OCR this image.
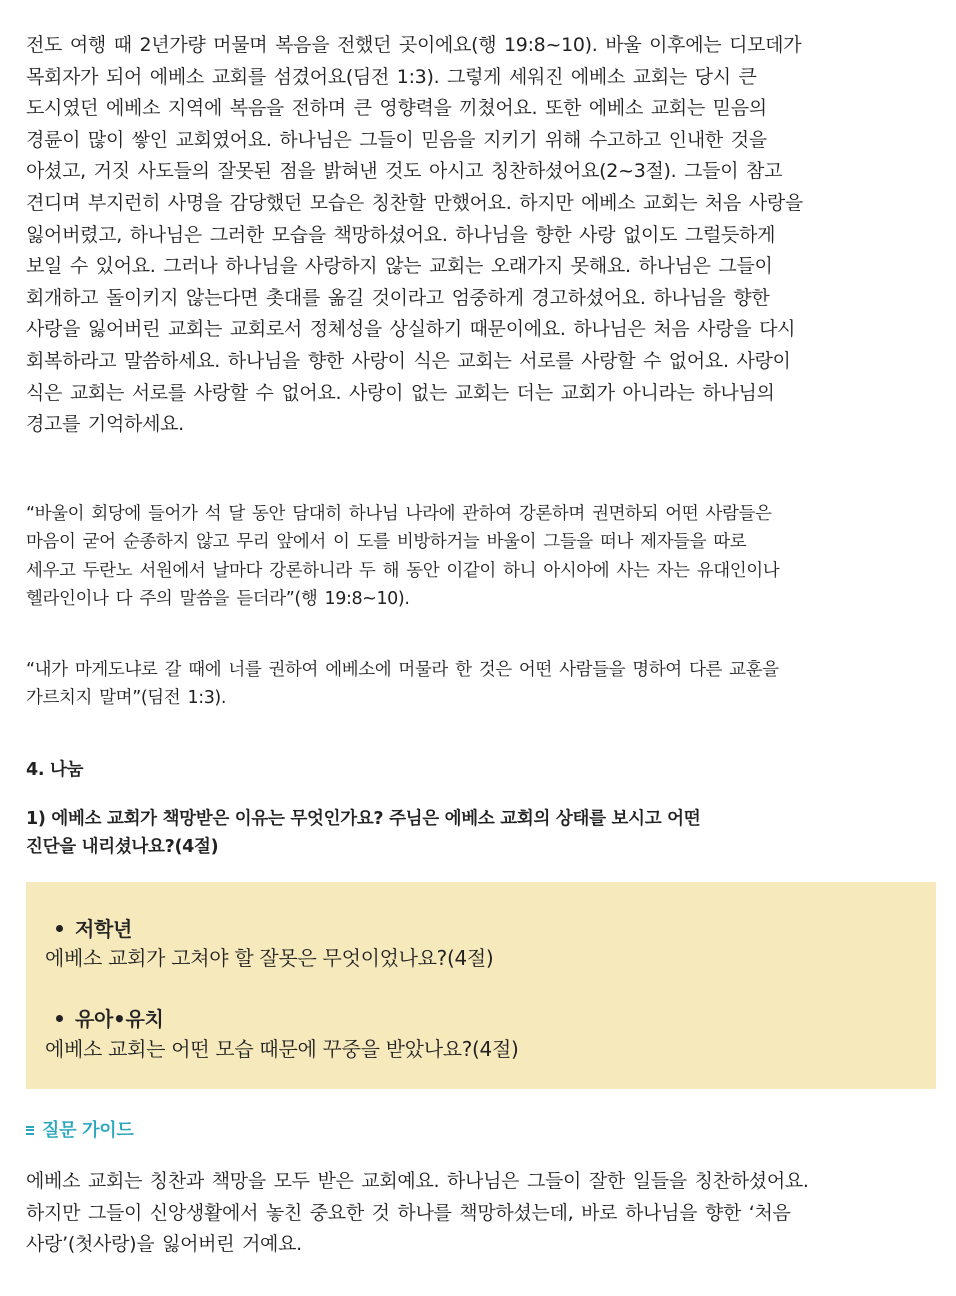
전도 여행 때 2년가량 머물며 복음을 전했던 곳이에요(행 19:8~10). 바울 이후에는 디모데가

목회자가 되어 에베소 교회를 섬겼어요(딤전 1:3). 그렇게 세워진 에베소 교회는 당시 큰

도시였던 에베소 지역에 복음을 전하며 큰 영향력을 끼쳤어요. 또한 에베소 교회는 믿음의

경륜이 많이 쌓인 교회였어요. 하나님은 그들이 믿음을 지키기 위해 수고하고 인내한 것을

아셨고, 거짓 사도들의 잘못된 점을 밝혀낸 것도 아시고 칭찬하셨어요(2~3절). 그들이 참고

견디며 부지런히 사명을 감당했던 모습은 칭찬할 만했어요. 하지만 에베소 교회는 처음 사랑을

잃어버렸고, 하나님은 그러한 모습을 책망하셨어요. 하나님을 향한 사랑 없이도 그럴듯하게

보일 수 있어요. 그러나 하나님을 사랑하지 않는 교회는 오래가지 못해요. 하나님은 그들이

회개하고 돌이키지 않는다면 촛대를 옮길 것이라고 엄중하게 경고하셨어요. 하나님을 향한

사랑을 잃어버린 교회는 교회로서 정체성을 상실하기 때문이에요. 하나님은 처음 사랑을 다시

회복하라고 말씀하세요. 하나님을 향한 사랑이 식은 교회는 서로를 사랑할 수 없어요. 사랑이

식은 교회는 서로를 사랑할 수 없어요. 사랑이 없는 교회는 더는 교회가 아니라는 하나님의

경고를 기억하세요.

“바울이 회당에 들어가 석 달 동안 담대히 하나님 나라에 관하여 강론하며 권면하되 어떤 사람들은

마음이 굳어 순종하지 않고 무리 앞에서 이 도를 비방하거늘 바울이 그들을 떠나 제자들을 따로

세우고 두란노 서원에서 날마다 강론하니라 두 해 동안 이같이 하니 아시아에 사는 자는 유대인이나

헬라인이나 다 주의 말씀을 듣더라”(행 19:8~10).

“내가 마게도냐로 갈 때에 너를 권하여 에베소에 머물라 한 것은 어떤 사람들을 명하여 다른 교훈을

가르치지 말며”(딤전 1:3).

4. 나눔

1) 에베소 교회가 책망받은 이유는 무엇인가요? 주님은 에베소 교회의 상태를 보시고 어떤
진단을 내리셨나요?(4절)
저학년
에베소 교회가 고쳐야 할 잘못은 무엇이었나요?(4절)
유아•유치
에베소 교회는 어떤 모습 때문에 꾸중을 받았나요?(4절)
질문 가이드

에베소 교회는 칭찬과 책망을 모두 받은 교회예요. 하나님은 그들이 잘한 일들을 칭찬하셨어요.

하지만 그들이 신앙생활에서 놓친 중요한 것 하나를 책망하셨는데, 바로 하나님을 향한 ‘처음

사랑’(첫사랑)을 잃어버린 거예요.
